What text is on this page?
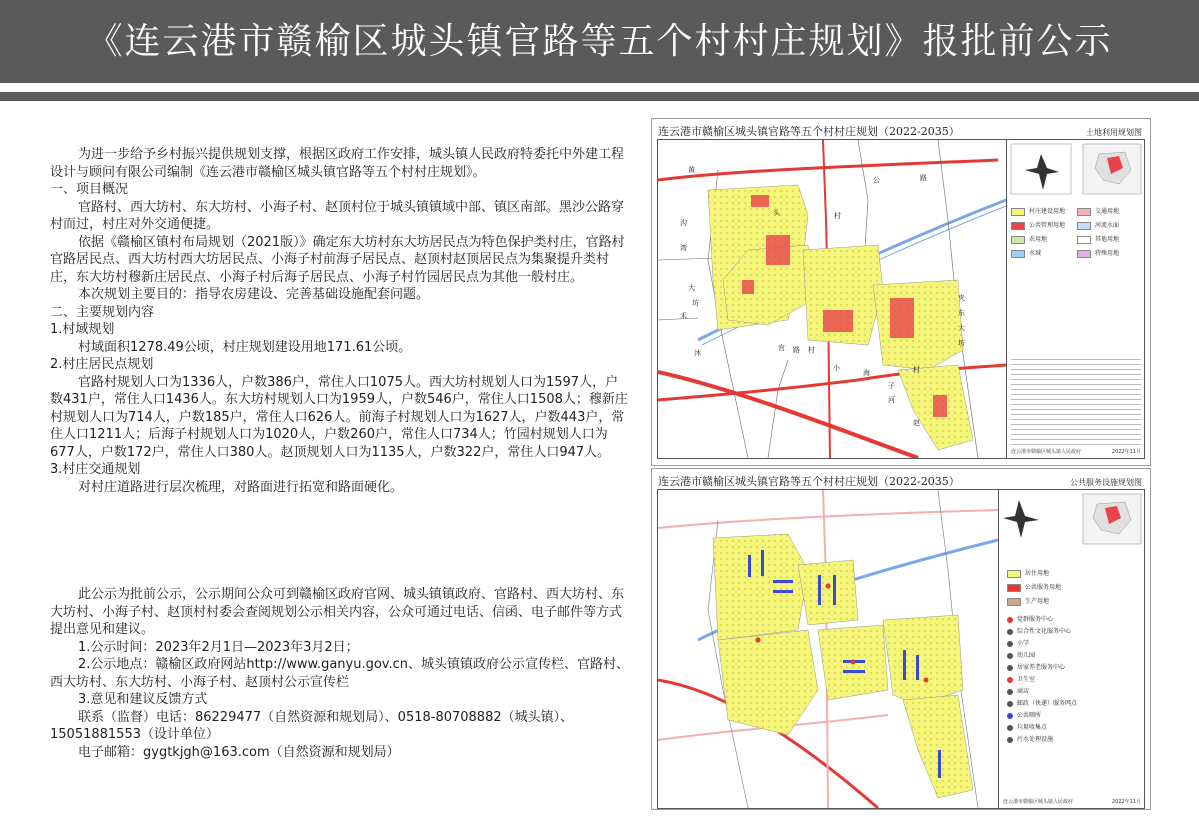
《连云港市赣榆区城头镇官路等五个村村庄规划》报批前公示

为进一步给予乡村振兴提供规划支撑，根据区政府工作安排，城头镇人民政府特委托中外建工程设计与顾问有限公司编制《连云港市赣榆区城头镇官路等五个村村庄规划》。

一、项目概况

官路村、西大坊村、东大坊村、小海子村、赵顶村位于城头镇镇域中部、镇区南部。黑沙公路穿村而过，村庄对外交通便捷。

依据《赣榆区镇村布局规划（2021版）》确定东大坊村东大坊居民点为特色保护类村庄，官路村官路居民点、西大坊村西大坊居民点、小海子村前海子居民点、赵顶村赵顶居民点为集聚提升类村庄，东大坊村穆新庄居民点、小海子村后海子居民点、小海子村竹园居民点为其他一般村庄。

本次规划主要目的：指导农房建设、完善基础设施配套问题。

二、主要规划内容

1.村域规划

村域面积1278.49公顷，村庄规划建设用地171.61公顷。

2.村庄居民点规划

官路村规划人口为1336人，户数386户，常住人口1075人。西大坊村规划人口为1597人，户数431户，常住人口1436人。东大坊村规划人口为1959人，户数546户，常住人口1508人；穆新庄村规划人口为714人，户数185户，常住人口626人。前海子村规划人口为1627人，户数443户，常住人口1211人；后海子村规划人口为1020人，户数260户，常住人口734人；竹园村规划人口为677人，户数172户，常住人口380人。赵顶规划人口为1135人，户数322户，常住人口947人。

3.村庄交通规划

对村庄道路进行层次梳理，对路面进行拓宽和路面硬化。

此公示为批前公示，公示期间公众可到赣榆区政府官网、城头镇镇政府、官路村、西大坊村、东大坊村、小海子村、赵顶村村委会查阅规划公示相关内容，公众可通过电话、信函、电子邮件等方式提出意见和建议。

1.公示时间：2023年2月1日—2023年3月2日；

2.公示地点：赣榆区政府网站http://www.ganyu.gov.cn、城头镇镇政府公示宣传栏、官路村、西大坊村、东大坊村、小海子村、赵顶村公示宣传栏

3.意见和建议反馈方式

联系（监督）电话：86229477（自然资源和规划局）、0518-80708882（城头镇）、15051881553（设计单位）

电子邮箱：gygtkjgh@163.com（自然资源和规划局）

连云港市赣榆区城头镇官路等五个村村庄规划（2022-2035）	土地利用规划图
黄
沟
湾
公	路
头	村
大
坊
禾
沐
官 路 村
夹
东
大
坊
小
海
子
村
河
赵
村庄建设用地
公共管理用地
农用地
水域
交通用地
河流水面
其他用地
特殊用地
连云港市赣榆区城头镇人民政府	2022年11月
连云港市赣榆区城头镇官路等五个村村庄规划（2022-2035）	公共服务设施规划图
居住用地
公共服务用地
生产用地
党群服务中心
综合性文化服务中心
小学
幼儿园
居家养老服务中心
卫生室
商店
邮政（快递）服务网点
公共厕所
垃圾收集点
污水处理设施
连云港市赣榆区城头镇人民政府	2022年11月
